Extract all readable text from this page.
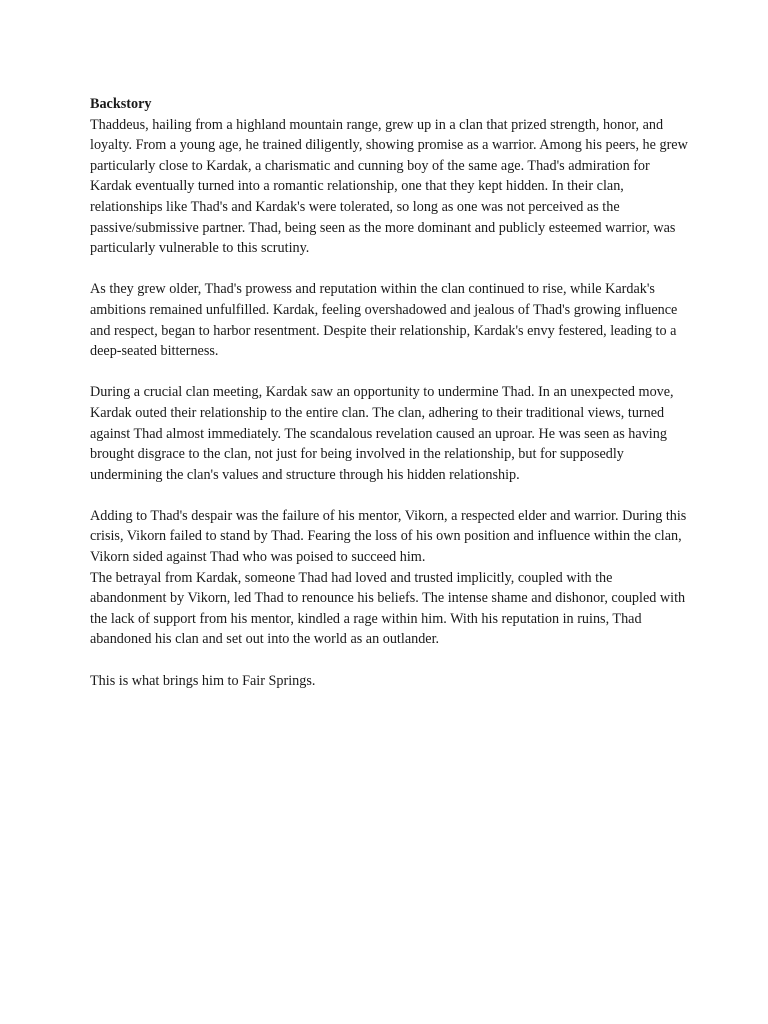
Backstory

Thaddeus, hailing from a highland mountain range, grew up in a clan that prized strength, honor, and loyalty. From a young age, he trained diligently, showing promise as a warrior. Among his peers, he grew particularly close to Kardak, a charismatic and cunning boy of the same age. Thad's admiration for Kardak eventually turned into a romantic relationship, one that they kept hidden. In their clan, relationships like Thad's and Kardak's were tolerated, so long as one was not perceived as the passive/submissive partner. Thad, being seen as the more dominant and publicly esteemed warrior, was particularly vulnerable to this scrutiny.

As they grew older, Thad's prowess and reputation within the clan continued to rise, while Kardak's ambitions remained unfulfilled. Kardak, feeling overshadowed and jealous of Thad's growing influence and respect, began to harbor resentment. Despite their relationship, Kardak's envy festered, leading to a deep-seated bitterness.

During a crucial clan meeting, Kardak saw an opportunity to undermine Thad. In an unexpected move, Kardak outed their relationship to the entire clan. The clan, adhering to their traditional views, turned against Thad almost immediately. The scandalous revelation caused an uproar. He was seen as having brought disgrace to the clan, not just for being involved in the relationship, but for supposedly undermining the clan's values and structure through his hidden relationship.

Adding to Thad's despair was the failure of his mentor, Vikorn, a respected elder and warrior. During this crisis, Vikorn failed to stand by Thad. Fearing the loss of his own position and influence within the clan, Vikorn sided against Thad who was poised to succeed him.

The betrayal from Kardak, someone Thad had loved and trusted implicitly, coupled with the abandonment by Vikorn, led Thad to renounce his beliefs. The intense shame and dishonor, coupled with the lack of support from his mentor, kindled a rage within him. With his reputation in ruins, Thad abandoned his clan and set out into the world as an outlander.

This is what brings him to Fair Springs.
